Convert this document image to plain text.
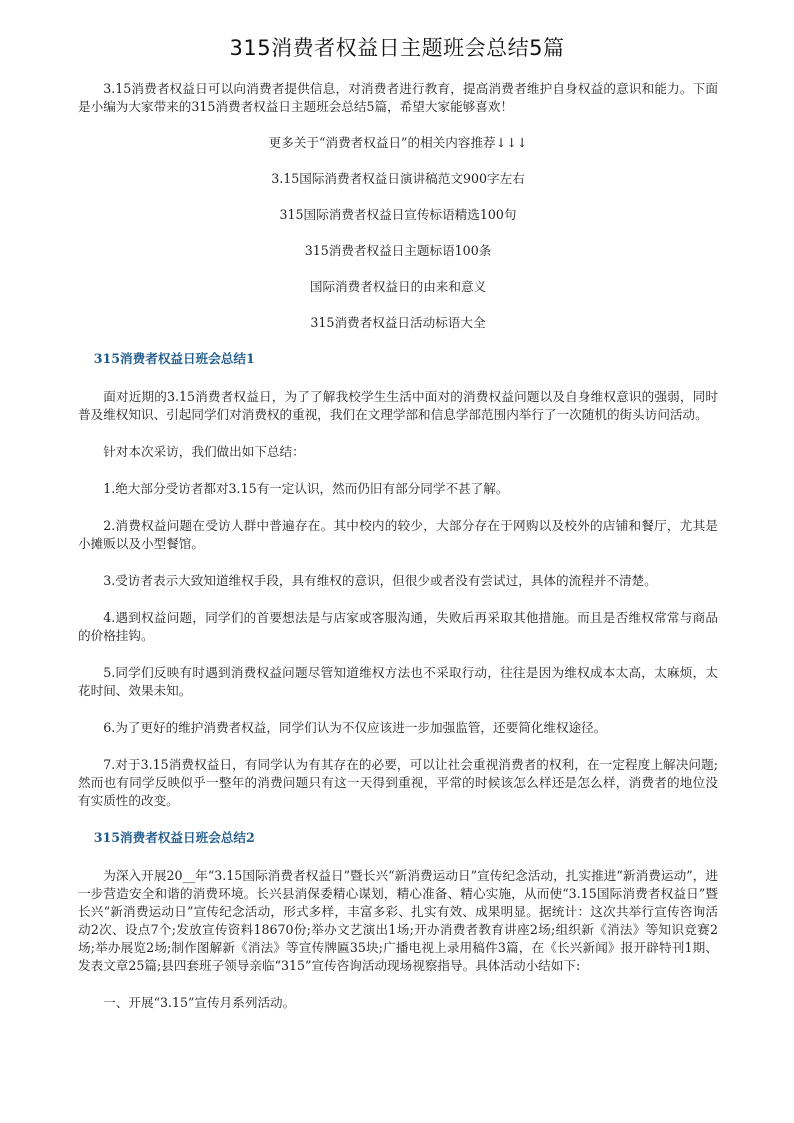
315消费者权益日主题班会总结5篇

3.15消费者权益日可以向消费者提供信息，对消费者进行教育，提高消费者维护自身权益的意识和能力。下面是小编为大家带来的315消费者权益日主题班会总结5篇，希望大家能够喜欢！

更多关于“消费者权益日”的相关内容推荐↓↓↓

3.15国际消费者权益日演讲稿范文900字左右
315国际消费者权益日宣传标语精选100句
315消费者权益日主题标语100条
国际消费者权益日的由来和意义
315消费者权益日活动标语大全

315消费者权益日班会总结1

面对近期的3.15消费者权益日，为了了解我校学生生活中面对的消费权益问题以及自身维权意识的强弱，同时普及维权知识、引起同学们对消费权的重视，我们在文理学部和信息学部范围内举行了一次随机的街头访问活动。

针对本次采访，我们做出如下总结：

1.绝大部分受访者都对3.15有一定认识，然而仍旧有部分同学不甚了解。

2.消费权益问题在受访人群中普遍存在。其中校内的较少，大部分存在于网购以及校外的店铺和餐厅，尤其是小摊贩以及小型餐馆。

3.受访者表示大致知道维权手段，具有维权的意识，但很少或者没有尝试过，具体的流程并不清楚。

4.遇到权益问题，同学们的首要想法是与店家或客服沟通，失败后再采取其他措施。而且是否维权常常与商品的价格挂钩。

5.同学们反映有时遇到消费权益问题尽管知道维权方法也不采取行动，往往是因为维权成本太高，太麻烦，太花时间、效果未知。

6.为了更好的维护消费者权益，同学们认为不仅应该进一步加强监管，还要简化维权途径。

7.对于3.15消费权益日，有同学认为有其存在的必要，可以让社会重视消费者的权利，在一定程度上解决问题;然而也有同学反映似乎一整年的消费问题只有这一天得到重视，平常的时候该怎么样还是怎么样，消费者的地位没有实质性的改变。

315消费者权益日班会总结2

为深入开展20__年“3.15国际消费者权益日”暨长兴“新消费运动日”宣传纪念活动，扎实推进“新消费运动”，进一步营造安全和谐的消费环境。长兴县消保委精心谋划，精心准备、精心实施，从而使“3.15国际消费者权益日”暨长兴“新消费运动日”宣传纪念活动，形式多样，丰富多彩、扎实有效、成果明显。据统计：这次共举行宣传咨询活动2次、设点7个;发放宣传资料18670份;举办文艺演出1场;开办消费者教育讲座2场;组织新《消法》等知识竞赛2场;举办展览2场;制作图解新《消法》等宣传牌匾35块;广播电视上录用稿件3篇，在《长兴新闻》报开辟特刊1期、发表文章25篇;县四套班子领导亲临“315”宣传咨询活动现场视察指导。具体活动小结如下:

一、开展“3.15”宣传月系列活动。
